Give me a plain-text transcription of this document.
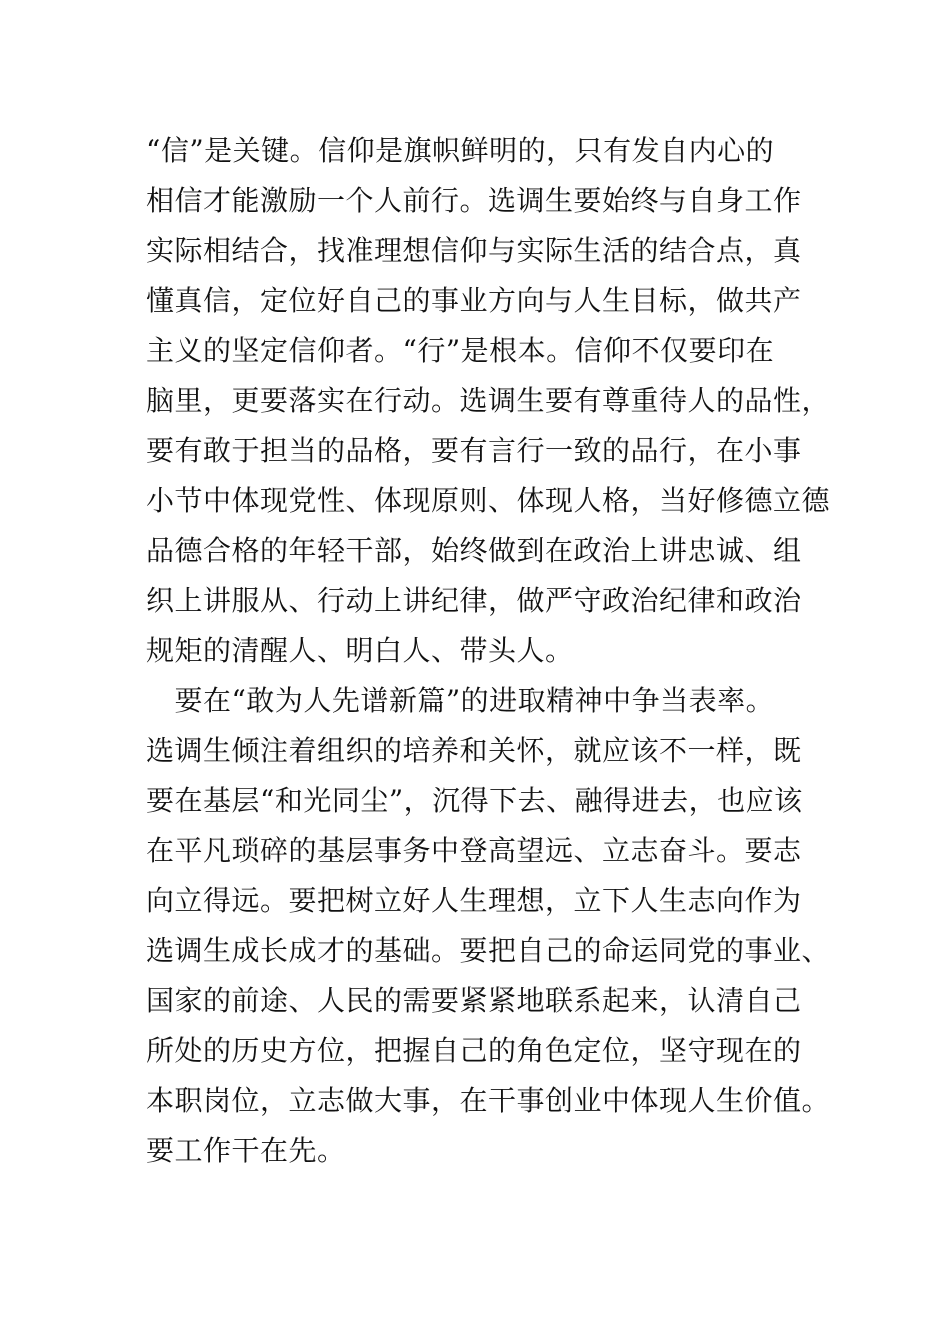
“信”是关键。信仰是旗帜鲜明的，只有发自内心的
相信才能激励一个人前行。选调生要始终与自身工作
实际相结合，找准理想信仰与实际生活的结合点，真
懂真信，定位好自己的事业方向与人生目标，做共产
主义的坚定信仰者。“行”是根本。信仰不仅要印在
脑里，更要落实在行动。选调生要有尊重待人的品性，
要有敢于担当的品格，要有言行一致的品行，在小事
小节中体现党性、体现原则、体现人格，当好修德立德
品德合格的年轻干部，始终做到在政治上讲忠诚、组
织上讲服从、行动上讲纪律，做严守政治纪律和政治
规矩的清醒人、明白人、带头人。
　要在“敢为人先谱新篇”的进取精神中争当表率。
选调生倾注着组织的培养和关怀，就应该不一样，既
要在基层“和光同尘”，沉得下去、融得进去，也应该
在平凡琐碎的基层事务中登高望远、立志奋斗。要志
向立得远。要把树立好人生理想，立下人生志向作为
选调生成长成才的基础。要把自己的命运同党的事业、
国家的前途、人民的需要紧紧地联系起来，认清自己
所处的历史方位，把握自己的角色定位，坚守现在的
本职岗位，立志做大事，在干事创业中体现人生价值。
要工作干在先。
